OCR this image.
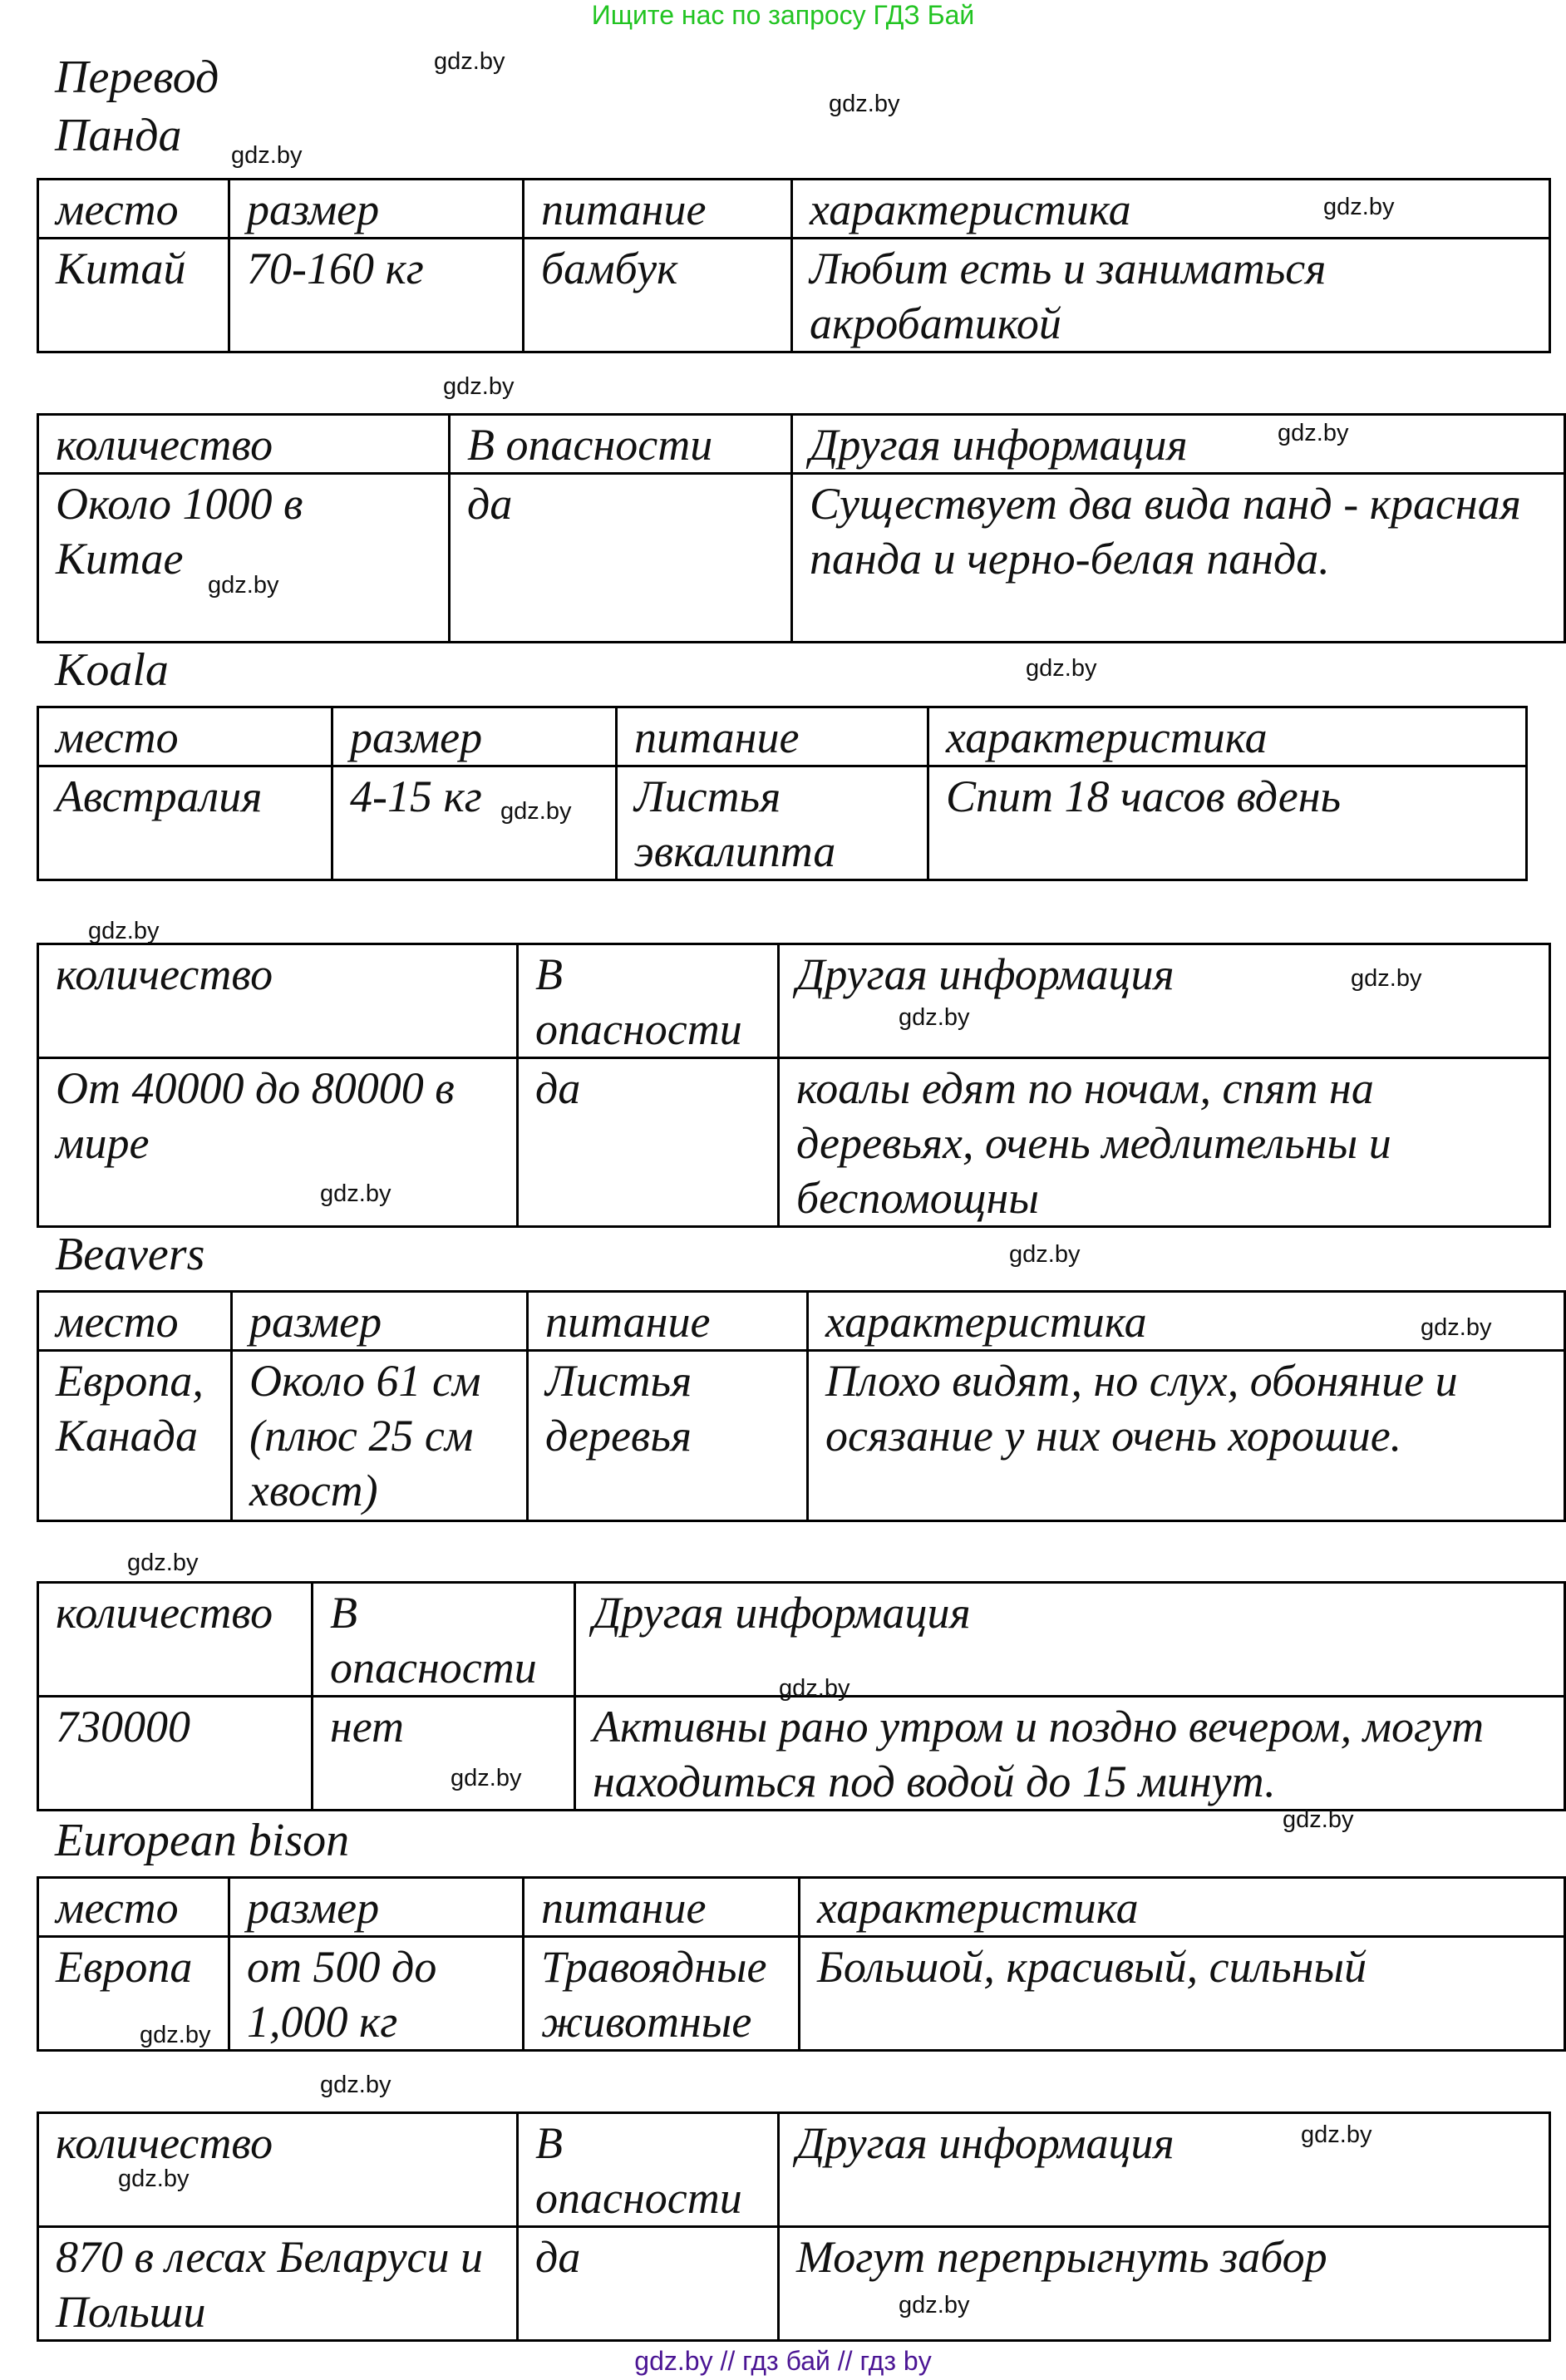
Ищите нас по запросу ГДЗ Бай
Перевод
Панда
место	размер	питание	характеристика
Китай	70-160 кг	бамбук	Любит есть и заниматься акробатикой
количество	В опасности	Другая информация
Около 1000 в Китае	да	Существует два вида панд - красная панда и черно-белая панда.
Koala
место	размер	питание	характеристика
Австралия	4-15 кг	Листья эвкалипта	Спит 18 часов вдень
количество	В опасности	Другая информация
От 40000 до 80000 в мире	да	коалы едят по ночам, спят на деревьях, очень медлительны и беспомощны
Beavers
место	размер	питание	характеристика
Европа, Канада	Около 61 см (плюс 25 см хвост)	Листья деревья	Плохо видят, но слух, обоняние и осязание у них очень хорошие.
количество	В опасности	Другая информация
730000	нет	Активны рано утром и поздно вечером, могут находиться под водой до 15 минут.
European bison
место	размер	питание	характеристика
Европа	от 500 до 1,000 кг	Травоядные животные	Большой, красивый, сильный
количество	В опасности	Другая информация
870 в лесах Беларуси и Польши	да	Могут перепрыгнуть забор
gdz.by
gdz.by
gdz.by
gdz.by
gdz.by
gdz.by
gdz.by
gdz.by
gdz.by
gdz.by
gdz.by
gdz.by
gdz.by
gdz.by
gdz.by
gdz.by
gdz.by
gdz.by
gdz.by
gdz.by
gdz.by
gdz.by
gdz.by
gdz.by
gdz.by // гдз бай // гдз by
